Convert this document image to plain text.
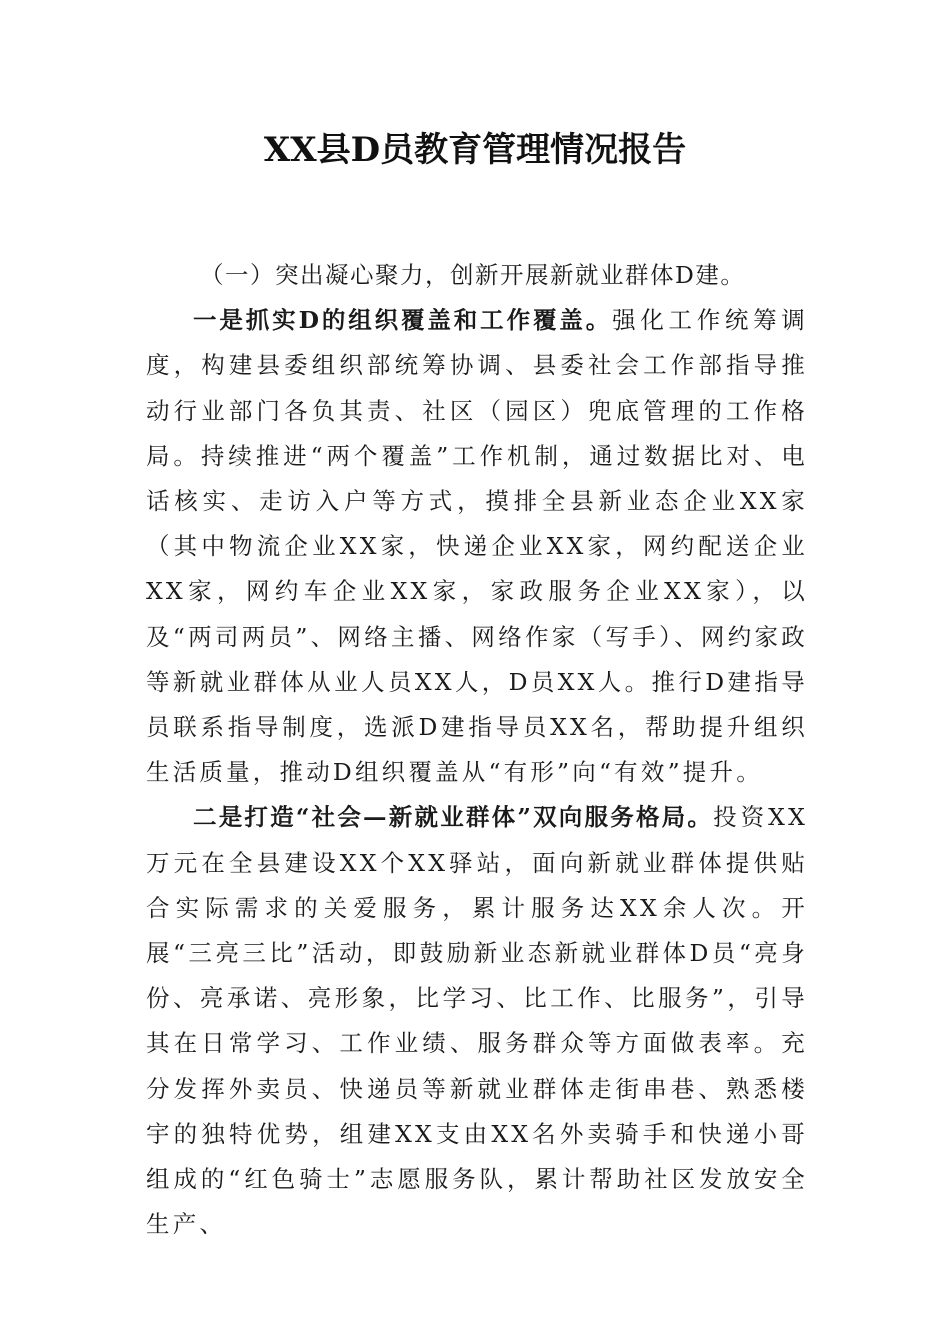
XX县D员教育管理情况报告

（一）突出凝心聚力，创新开展新就业群体D建。

一是抓实D的组织覆盖和工作覆盖。强化工作统筹调度，构建县委组织部统筹协调、县委社会工作部指导推动行业部门各负其责、社区（园区）兜底管理的工作格局。持续推进“两个覆盖”工作机制，通过数据比对、电话核实、走访入户等方式，摸排全县新业态企业XX家（其中物流企业XX家，快递企业XX家，网约配送企业XX家，网约车企业XX家，家政服务企业XX家），以及“两司两员”、网络主播、网络作家（写手）、网约家政等新就业群体从业人员XX人，D员XX人。推行D建指导员联系指导制度，选派D建指导员XX名，帮助提升组织生活质量，推动D组织覆盖从“有形”向“有效”提升。

二是打造“社会—新就业群体”双向服务格局。投资XX万元在全县建设XX个XX驿站，面向新就业群体提供贴合实际需求的关爱服务，累计服务达XX余人次。开展“三亮三比”活动，即鼓励新业态新就业群体D员“亮身份、亮承诺、亮形象，比学习、比工作、比服务”，引导其在日常学习、工作业绩、服务群众等方面做表率。充分发挥外卖员、快递员等新就业群体走街串巷、熟悉楼宇的独特优势，组建XX支由XX名外卖骑手和快递小哥组成的“红色骑士”志愿服务队，累计帮助社区发放安全生产、
